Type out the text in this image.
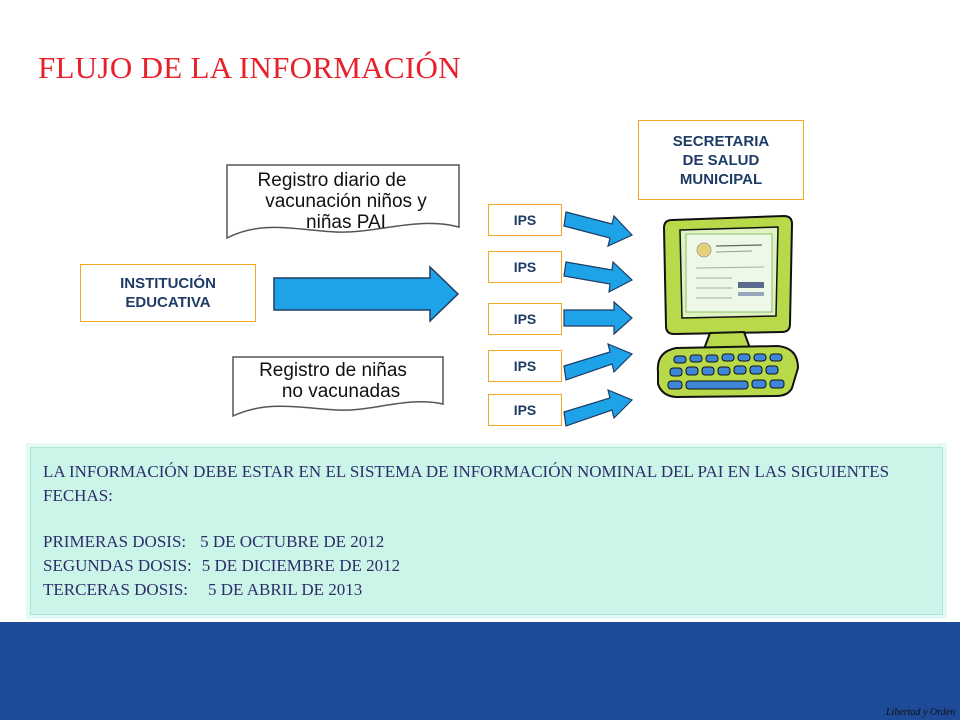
FLUJO DE LA INFORMACIÓN
SECRETARIA
DE SALUD
MUNICIPAL
INSTITUCIÓN
EDUCATIVA
Registro diario de
vacunación niños y
niñas PAI
Registro de niñas
no vacunadas
IPS
IPS
IPS
IPS
IPS

LA INFORMACIÓN DEBE ESTAR EN EL SISTEMA DE INFORMACIÓN NOMINAL DEL PAI EN LAS SIGUIENTES FECHAS:

PRIMERAS DOSIS: 5 DE OCTUBRE DE 2012

SEGUNDAS DOSIS: 5 DE DICIEMBRE DE 2012

TERCERAS DOSIS: 5 DE ABRIL DE 2013

Libertad y Orden
